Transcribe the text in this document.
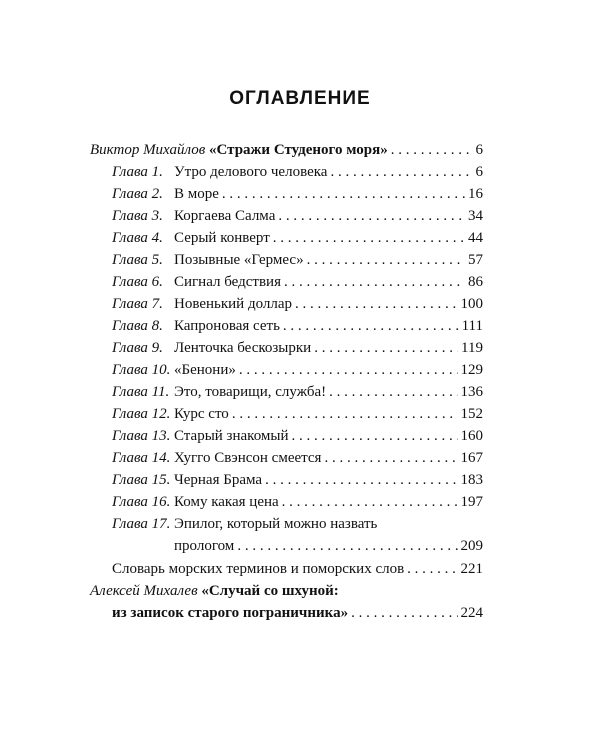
ОГЛАВЛЕНИЕ
Виктор Михайлов «Стражи Студеного моря» . . .	6
Глава 1. Утро делового человека . . .	6
Глава 2. В море . . .	16
Глава 3. Коргаева Салма . . .	34
Глава 4. Серый конверт . . .	44
Глава 5. Позывные «Гермес» . . .	57
Глава 6. Сигнал бедствия . . .	86
Глава 7. Новенький доллар . . .	100
Глава 8. Капроновая сеть . . .	111
Глава 9. Ленточка бескозырки . . .	119
Глава 10. «Бенони» . . .	129
Глава 11. Это, товарищи, служба! . . .	136
Глава 12. Курс сто . . .	152
Глава 13. Старый знакомый . . .	160
Глава 14. Хугго Свэнсон смеется . . .	167
Глава 15. Черная Брама . . .	183
Глава 16. Кому какая цена . . .	197
Глава 17. Эпилог, который можно назвать
прологом . . .	209
Словарь морских терминов и поморских слов . . .	221
Алексей Михалев «Случай со шхуной:
из записок старого пограничника» . . .	224
